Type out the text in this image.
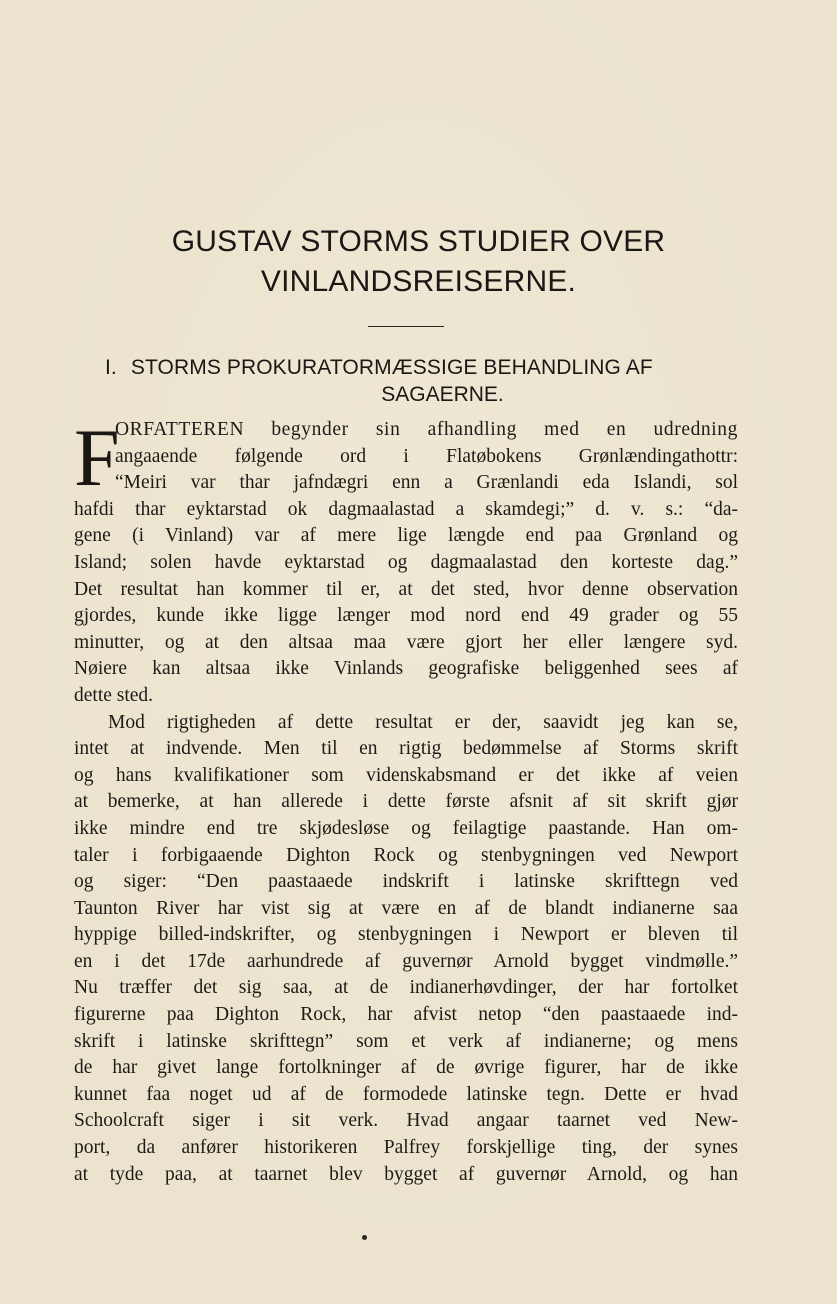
GUSTAV STORMS STUDIER OVER
VINLANDSREISERNE.
I. STORMS PROKURATORMÆSSIGE BEHANDLING AF
SAGAERNE.
F
ORFATTEREN begynder sin afhandling med en udredning
angaaende følgende ord i Flatøbokens Grønlændingathottr:
“Meiri var thar jafndægri enn a Grænlandi eda Islandi, sol
hafdi thar eyktarstad ok dagmaalastad a skamdegi;” d. v. s.: “da-
gene (i Vinland) var af mere lige længde end paa Grønland og
Island; solen havde eyktarstad og dagmaalastad den korteste dag.”
Det resultat han kommer til er, at det sted, hvor denne observation
gjordes, kunde ikke ligge længer mod nord end 49 grader og 55
minutter, og at den altsaa maa være gjort her eller længere syd.
Nøiere kan altsaa ikke Vinlands geografiske beliggenhed sees af
dette sted.
Mod rigtigheden af dette resultat er der, saavidt jeg kan se,
intet at indvende. Men til en rigtig bedømmelse af Storms skrift
og hans kvalifikationer som videnskabsmand er det ikke af veien
at bemerke, at han allerede i dette første afsnit af sit skrift gjør
ikke mindre end tre skjødesløse og feilagtige paastande. Han om-
taler i forbigaaende Dighton Rock og stenbygningen ved Newport
og siger: “Den paastaaede indskrift i latinske skrifttegn ved
Taunton River har vist sig at være en af de blandt indianerne saa
hyppige billed-indskrifter, og stenbygningen i Newport er bleven til
en i det 17de aarhundrede af guvernør Arnold bygget vindmølle.”
Nu træffer det sig saa, at de indianerhøvdinger, der har fortolket
figurerne paa Dighton Rock, har afvist netop “den paastaaede ind-
skrift i latinske skrifttegn” som et verk af indianerne; og mens
de har givet lange fortolkninger af de øvrige figurer, har de ikke
kunnet faa noget ud af de formodede latinske tegn. Dette er hvad
Schoolcraft siger i sit verk. Hvad angaar taarnet ved New-
port, da anfører historikeren Palfrey forskjellige ting, der synes
at tyde paa, at taarnet blev bygget af guvernør Arnold, og han
